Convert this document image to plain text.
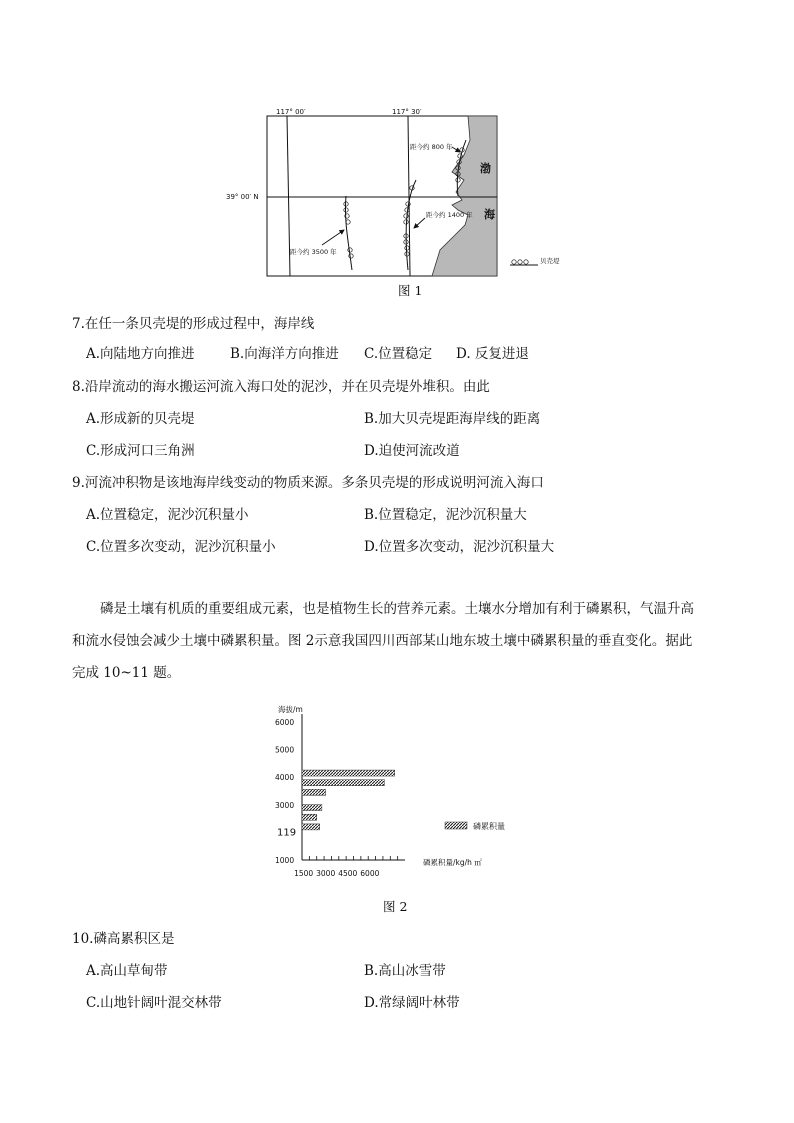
117° 00′	117° 30′
39° 00′ N
距今约 800 年
距今约 1400 年
距今约 3500 年
渤
海
贝壳堤
图 1
7.在任一条贝壳堤的形成过程中，海岸线
A.向陆地方向推进	B.向海洋方向推进 C.位置稳定 D. 反复进退
8.沿岸流动的海水搬运河流入海口处的泥沙，并在贝壳堤外堆积。由此
A.形成新的贝壳堤	B.加大贝壳堤距海岸线的距离
C.形成河口三角洲	D.迫使河流改道
9.河流冲积物是该地海岸线变动的物质来源。多条贝壳堤的形成说明河流入海口
A.位置稳定，泥沙沉积量小	B.位置稳定，泥沙沉积量大
C.位置多次变动，泥沙沉积量小	D.位置多次变动，泥沙沉积量大
磷是土壤有机质的重要组成元素，也是植物生长的营养元素。土壤水分增加有利于磷累积，气温升高
和流水侵蚀会减少土壤中磷累积量。图 2示意我国四川西部某山地东坡土壤中磷累积量的垂直变化。据此
完成 10~11 题。
海拔/m
6000
5000
4000
3000
119
1000
1500 3000 4500 6000
磷累积量/kg/h ㎡
磷累积量
图 2
10.磷高累积区是
A.高山草甸带	B.高山冰雪带
C.山地针阔叶混交林带	D.常绿阔叶林带
